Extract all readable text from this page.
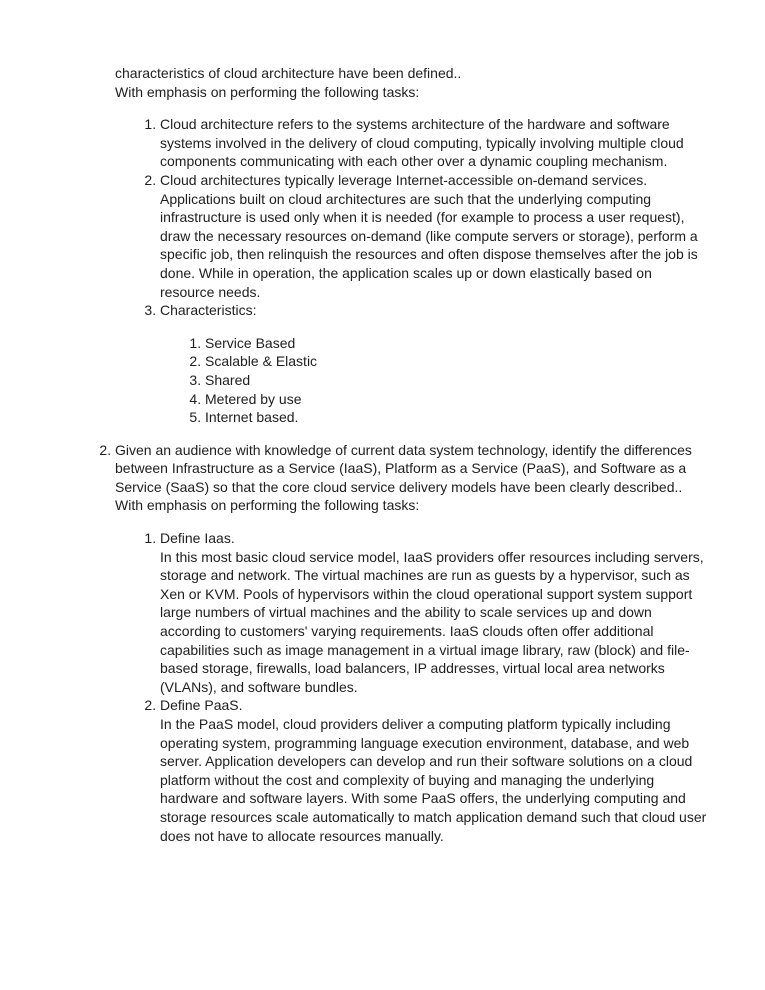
characteristics of cloud architecture have been defined..
With emphasis on performing the following tasks:
1. Cloud architecture refers to the systems architecture of the hardware and software systems involved in the delivery of cloud computing, typically involving multiple cloud components communicating with each other over a dynamic coupling mechanism.
2. Cloud architectures typically leverage Internet-accessible on-demand services. Applications built on cloud architectures are such that the underlying computing infrastructure is used only when it is needed (for example to process a user request), draw the necessary resources on-demand (like compute servers or storage), perform a specific job, then relinquish the resources and often dispose themselves after the job is done. While in operation, the application scales up or down elastically based on resource needs.
3. Characteristics:
1. Service Based
2. Scalable & Elastic
3. Shared
4. Metered by use
5. Internet based.
2. Given an audience with knowledge of current data system technology, identify the differences between Infrastructure as a Service (IaaS), Platform as a Service (PaaS), and Software as a Service (SaaS) so that the core cloud service delivery models have been clearly described..
With emphasis on performing the following tasks:
1. Define Iaas.
In this most basic cloud service model, IaaS providers offer resources including servers, storage and network. The virtual machines are run as guests by a hypervisor, such as Xen or KVM. Pools of hypervisors within the cloud operational support system support large numbers of virtual machines and the ability to scale services up and down according to customers' varying requirements. IaaS clouds often offer additional capabilities such as image management in a virtual image library, raw (block) and file-based storage, firewalls, load balancers, IP addresses, virtual local area networks (VLANs), and software bundles.
2. Define PaaS.
In the PaaS model, cloud providers deliver a computing platform typically including operating system, programming language execution environment, database, and web server. Application developers can develop and run their software solutions on a cloud platform without the cost and complexity of buying and managing the underlying hardware and software layers. With some PaaS offers, the underlying computing and storage resources scale automatically to match application demand such that cloud user does not have to allocate resources manually.
